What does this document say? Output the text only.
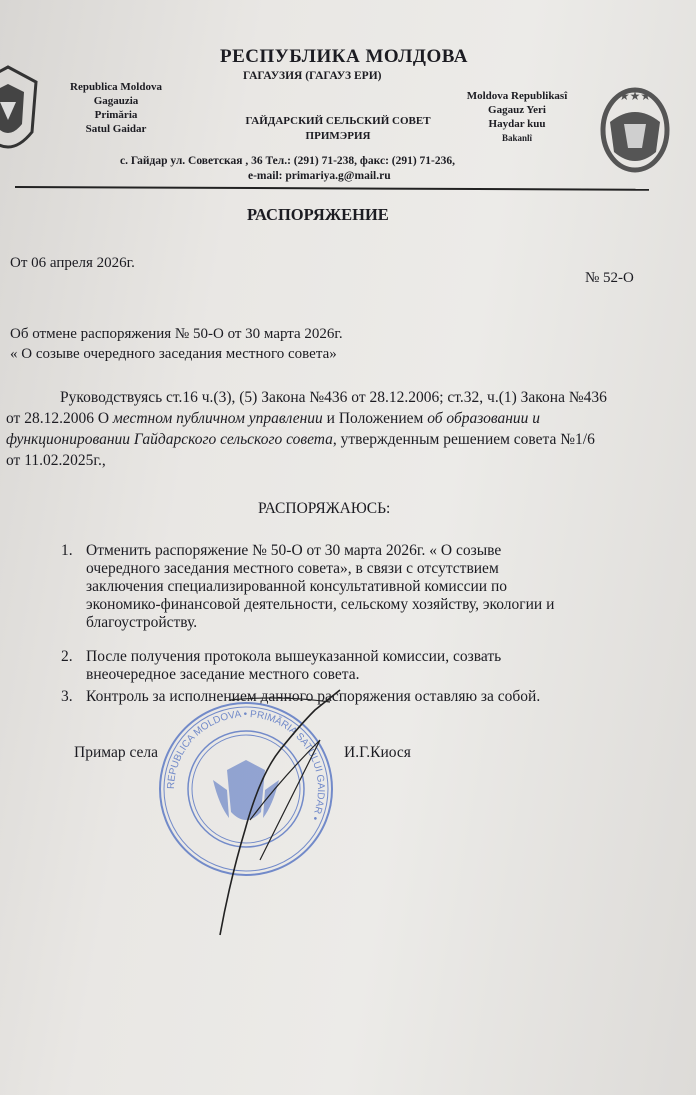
★★★
РЕСПУБЛИКА МОЛДОВА
ГАГАУЗИЯ (ГАГАУЗ ЕРИ)
Republica Moldova
Gagauzia
Primăria
Satul Gaidar
ГАЙДАРСКИЙ СЕЛЬСКИЙ СОВЕТ
ПРИМЭРИЯ
Moldova Republikasî
Gagauz Yeri
Haydar kuu
Bakanlî
с. Гайдар ул. Советская , 36 Тел.: (291) 71-238, факс: (291) 71-236,
e-mail: primariya.g@mail.ru
РАСПОРЯЖЕНИЕ
От 06 апреля 2026г.
№ 52-О
Об отмене распоряжения № 50-О от 30 марта 2026г.
« О созыве очередного заседания местного совета»
Руководствуясь ст.16 ч.(3), (5) Закона №436 от 28.12.2006; ст.32, ч.(1) Закона №436
от 28.12.2006 О местном публичном управлении и Положением об образовании и
функционировании Гайдарского сельского совета, утвержденным решением совета №1/6
от 11.02.2025г.,
РАСПОРЯЖАЮСЬ:
1. Отменить распоряжение № 50-О от 30 марта 2026г. « О созыве
очередного заседания местного совета», в связи с отсутствием
заключения специализированной консультативной комиссии по
экономико-финансовой деятельности, сельскому хозяйству, экологии и
благоустройству.
2. После получения протокола вышеуказанной комиссии, созвать
внеочередное заседание местного совета.
3. Контроль за исполнением данного распоряжения оставляю за собой.
REPUBLICA MOLDOVA • PRIMĂRIA SATULUI GAIDAR •
Примар села	И.Г.Киося
